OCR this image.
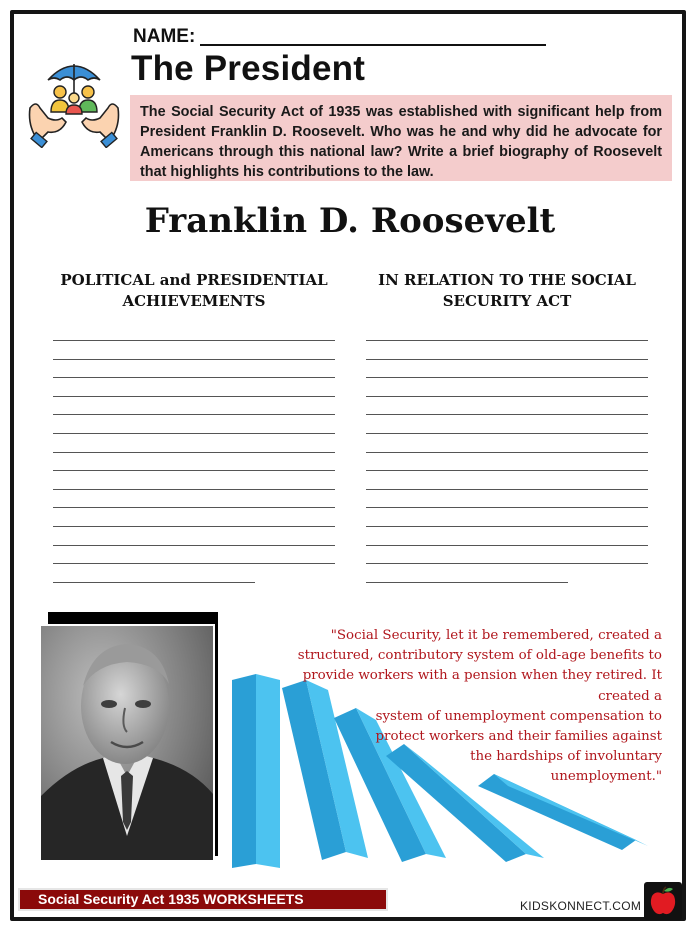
NAME:
The President
The Social Security Act of 1935 was established with significant help from President Franklin D. Roosevelt. Who was he and why did he advocate for Americans through this national law? Write a brief biography of Roosevelt that highlights his contributions to the law.
Franklin D. Roosevelt
POLITICAL and PRESIDENTIAL
ACHIEVEMENTS
IN RELATION TO THE SOCIAL
SECURITY ACT
"Social Security, let it be remembered, created a
structured, contributory system of old-age benefits to
provide workers with a pension when they retired. It
created a
system of unemployment compensation to
protect workers and their families against
the hardships of involuntary
unemployment."
Social Security Act 1935 WORKSHEETS	KIDSKONNECT.COM
